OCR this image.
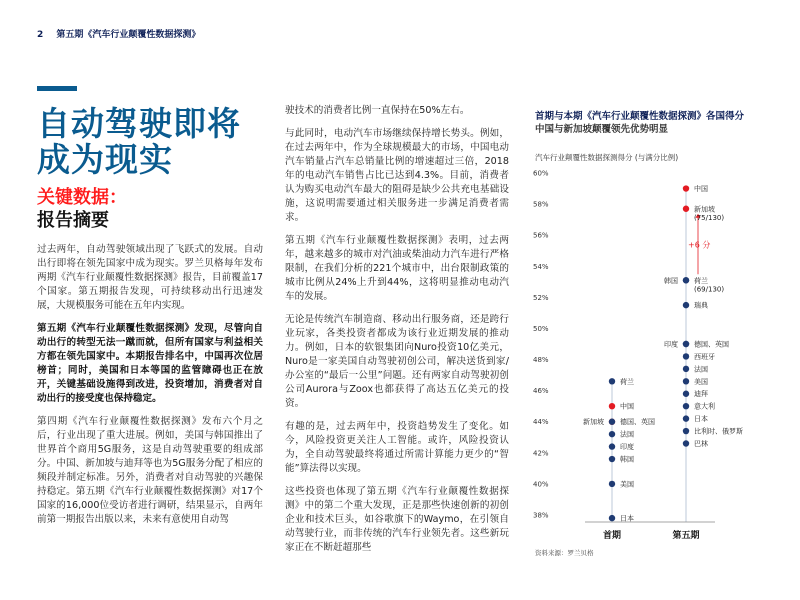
2 第五期《汽车行业颠覆性数据探测》
自动驾驶即将成为现实
关键数据：
报告摘要

过去两年，自动驾驶领域出现了飞跃式的发展。自动出行即将在领先国家中成为现实。罗兰贝格每年发布两期《汽车行业颠覆性数据探测》报告，目前覆盖17个国家。第五期报告发现，可持续移动出行迅速发展，大规模服务可能在五年内实现。

第五期《汽车行业颠覆性数据探测》发现，尽管向自动出行的转型无法一蹴而就，但所有国家与利益相关方都在领先国家中。本期报告排名中，中国再次位居榜首；同时，美国和日本等国的监管障碍也正在放开，关键基础设施得到改进，投资增加，消费者对自动出行的接受度也保持稳定。

第四期《汽车行业颠覆性数据探测》发布六个月之后，行业出现了重大进展。例如，美国与韩国推出了世界首个商用5G服务，这是自动驾驶重要的组成部分。中国、新加坡与迪拜等也为5G服务分配了相应的频段并制定标准。另外，消费者对自动驾驶的兴趣保持稳定。第五期《汽车行业颠覆性数据探测》对17个国家的16,000位受访者进行调研，结果显示，自两年前第一期报告出版以来，未来有意使用自动驾

驶技术的消费者比例一直保持在50%左右。

与此同时，电动汽车市场继续保持增长势头。例如，在过去两年中，作为全球规模最大的市场，中国电动汽车销量占汽车总销量比例的增速超过三倍，2018年的电动汽车销售占比已达到4.3%。目前，消费者认为购买电动汽车最大的阻碍是缺少公共充电基础设施，这说明需要通过相关服务进一步满足消费者需求。

第五期《汽车行业颠覆性数据探测》表明，过去两年，越来越多的城市对汽油或柴油动力汽车进行严格限制，在我们分析的221个城市中，出台限制政策的城市比例从24%上升到44%，这将明显推动电动汽车的发展。

无论是传统汽车制造商、移动出行服务商，还是跨行业玩家，各类投资者都成为该行业近期发展的推动力。例如，日本的软银集团向Nuro投资10亿美元，Nuro是一家美国自动驾驶初创公司，解决送货到家/办公室的“最后一公里”问题。还有两家自动驾驶初创公司Aurora与Zoox也都获得了高达五亿美元的投资。

有趣的是，过去两年中，投资趋势发生了变化。如今，风险投资更关注人工智能。或许，风险投资认为，全自动驾驶最终将通过所需计算能力更少的“智能”算法得以实现。

这些投资也体现了第五期《汽车行业颠覆性数据探测》中的第二个重大发现，正是那些快速创新的初创企业和技术巨头，如谷歌旗下的Waymo，在引领自动驾驶行业，而非传统的汽车行业领先者。这些新玩家正在不断赶超那些

首期与本期《汽车行业颠覆性数据探测》各国得分
中国与新加坡颠覆领先优势明显
汽车行业颠覆性数据探测得分 (与满分比例)
38%
40%
42%
44%
46%
48%
50%
52%
54%
56%
58%
60%
+6 分
荷兰
中国
新加坡 德国、英国
法国
印度
韩国
美国
日本
中国
新加坡
(75/130)
韩国 荷兰
(69/130)
瑞典
印度 德国、英国
西班牙
法国
美国
迪拜
意大利
日本
比利时、俄罗斯
巴林
首期	第五期
资料来源：罗兰贝格
